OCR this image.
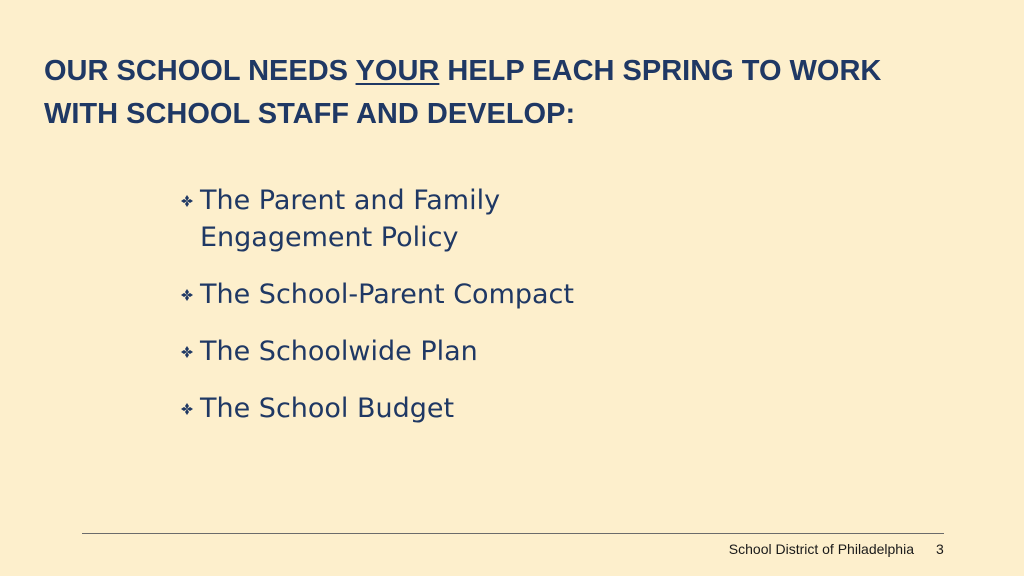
OUR SCHOOL NEEDS YOUR HELP EACH SPRING TO WORK WITH SCHOOL STAFF AND DEVELOP:
The Parent and Family Engagement Policy
The School-Parent Compact
The Schoolwide Plan
The School Budget
School District of Philadelphia 3
